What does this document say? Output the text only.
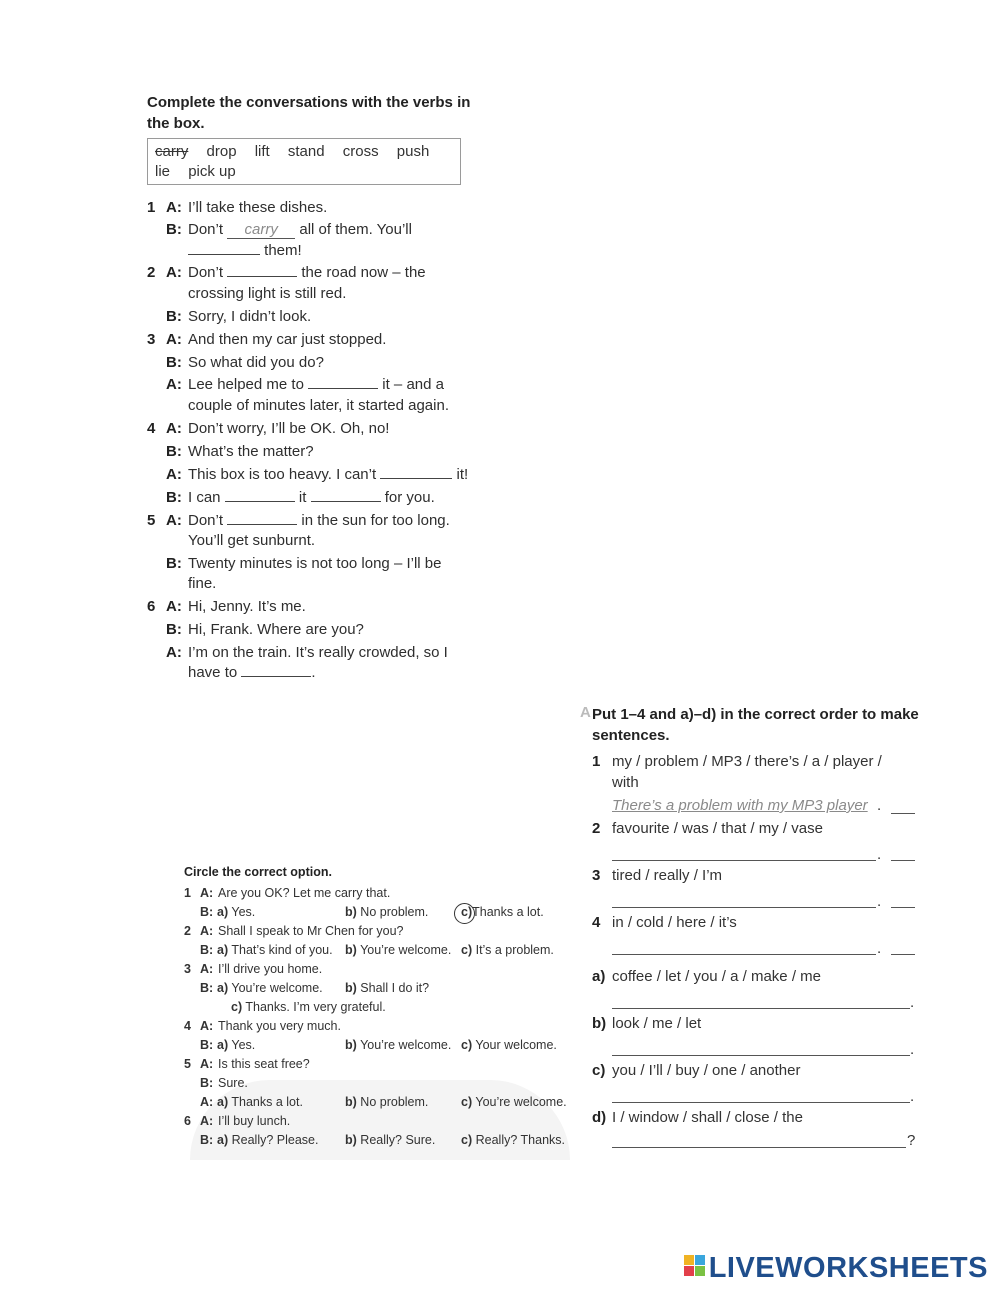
Complete the conversations with the verbs in the box.
carry drop lift stand cross push
lie pick up
1 A: I’ll take these dishes.
B: Don’t carry all of them. You’ll
them!
2 A: Don’t	the road now – the
crossing light is still red.
B: Sorry, I didn’t look.
3 A: And then my car just stopped.
B: So what did you do?
A: Lee helped me to	it – and a
couple of minutes later, it started again.
4 A: Don’t worry, I’ll be OK. Oh, no!
B: What’s the matter?
A: This box is too heavy. I can’t	it!
B: I can	it	for you.
5 A: Don’t	in the sun for too long.
You’ll get sunburnt.
B: Twenty minutes is not too long – I’ll be
fine.
6 A: Hi, Jenny. It’s me.
B: Hi, Frank. Where are you?
A: I’m on the train. It’s really crowded, so I
have to	.
Circle the correct option.
1 A: Are you OK? Let me carry that.
B: a) Yes.	b) No problem.	c)Thanks a lot.
2 A: Shall I speak to Mr Chen for you?
B: a) That’s kind of you. b) You’re welcome. c) It’s a problem.
3 A: I’ll drive you home.
B: a) You’re welcome. b) Shall I do it?
c) Thanks. I’m very grateful.
4 A: Thank you very much.
B: a) Yes.	b) You’re welcome. c) Your welcome.
5 A: Is this seat free?
B: Sure.
A: a) Thanks a lot.	b) No problem.	c) You’re welcome.
6 A: I’ll buy lunch.
B: a) Really? Please. b) Really? Sure. c) Really? Thanks.
A Put 1–4 and a)–d) in the correct order to make sentences.
1 my / problem / MP3 / there’s / a / player /
with
There’s a problem with my MP3 player .
2 favourite / was / that / my / vase
.
3 tired / really / I’m
.
4 in / cold / here / it’s
.
a) coffee / let / you / a / make / me
.
b) look / me / let
.
c) you / I’ll / buy / one / another
.
d) I / window / shall / close / the
?
LIVEWORKSHEETS
